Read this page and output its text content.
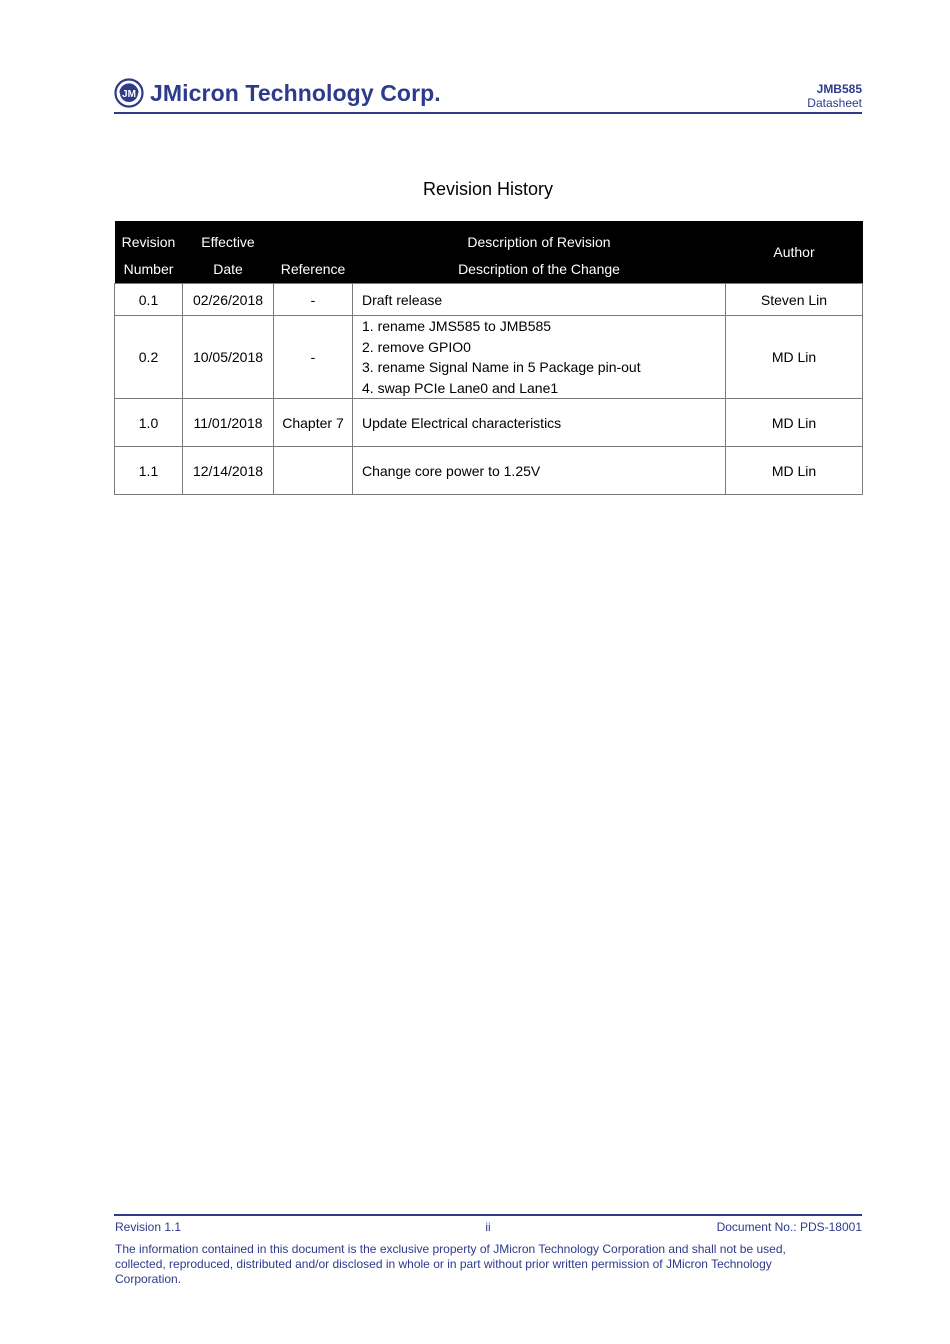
JM JMicron Technology Corp.	JMB585
Datasheet
Revision History
Revision	Effective		Description of Revision	Author
Number	Date	Reference	Description of the Change	
0.1	02/26/2018	-	Draft release	Steven Lin
0.2	10/05/2018	-	1. rename JMS585 to JMB585
2. remove GPIO0
3. rename Signal Name in 5 Package pin-out
4. swap PCIe Lane0 and Lane1	MD Lin
1.0	11/01/2018	Chapter 7	Update Electrical characteristics	MD Lin
1.1	12/14/2018		Change core power to 1.25V	MD Lin
Revision 1.1	ii	Document No.: PDS-18001
The information contained in this document is the exclusive property of JMicron Technology Corporation and shall not be used, collected, reproduced, distributed and/or disclosed in whole or in part without prior written permission of JMicron Technology Corporation.
